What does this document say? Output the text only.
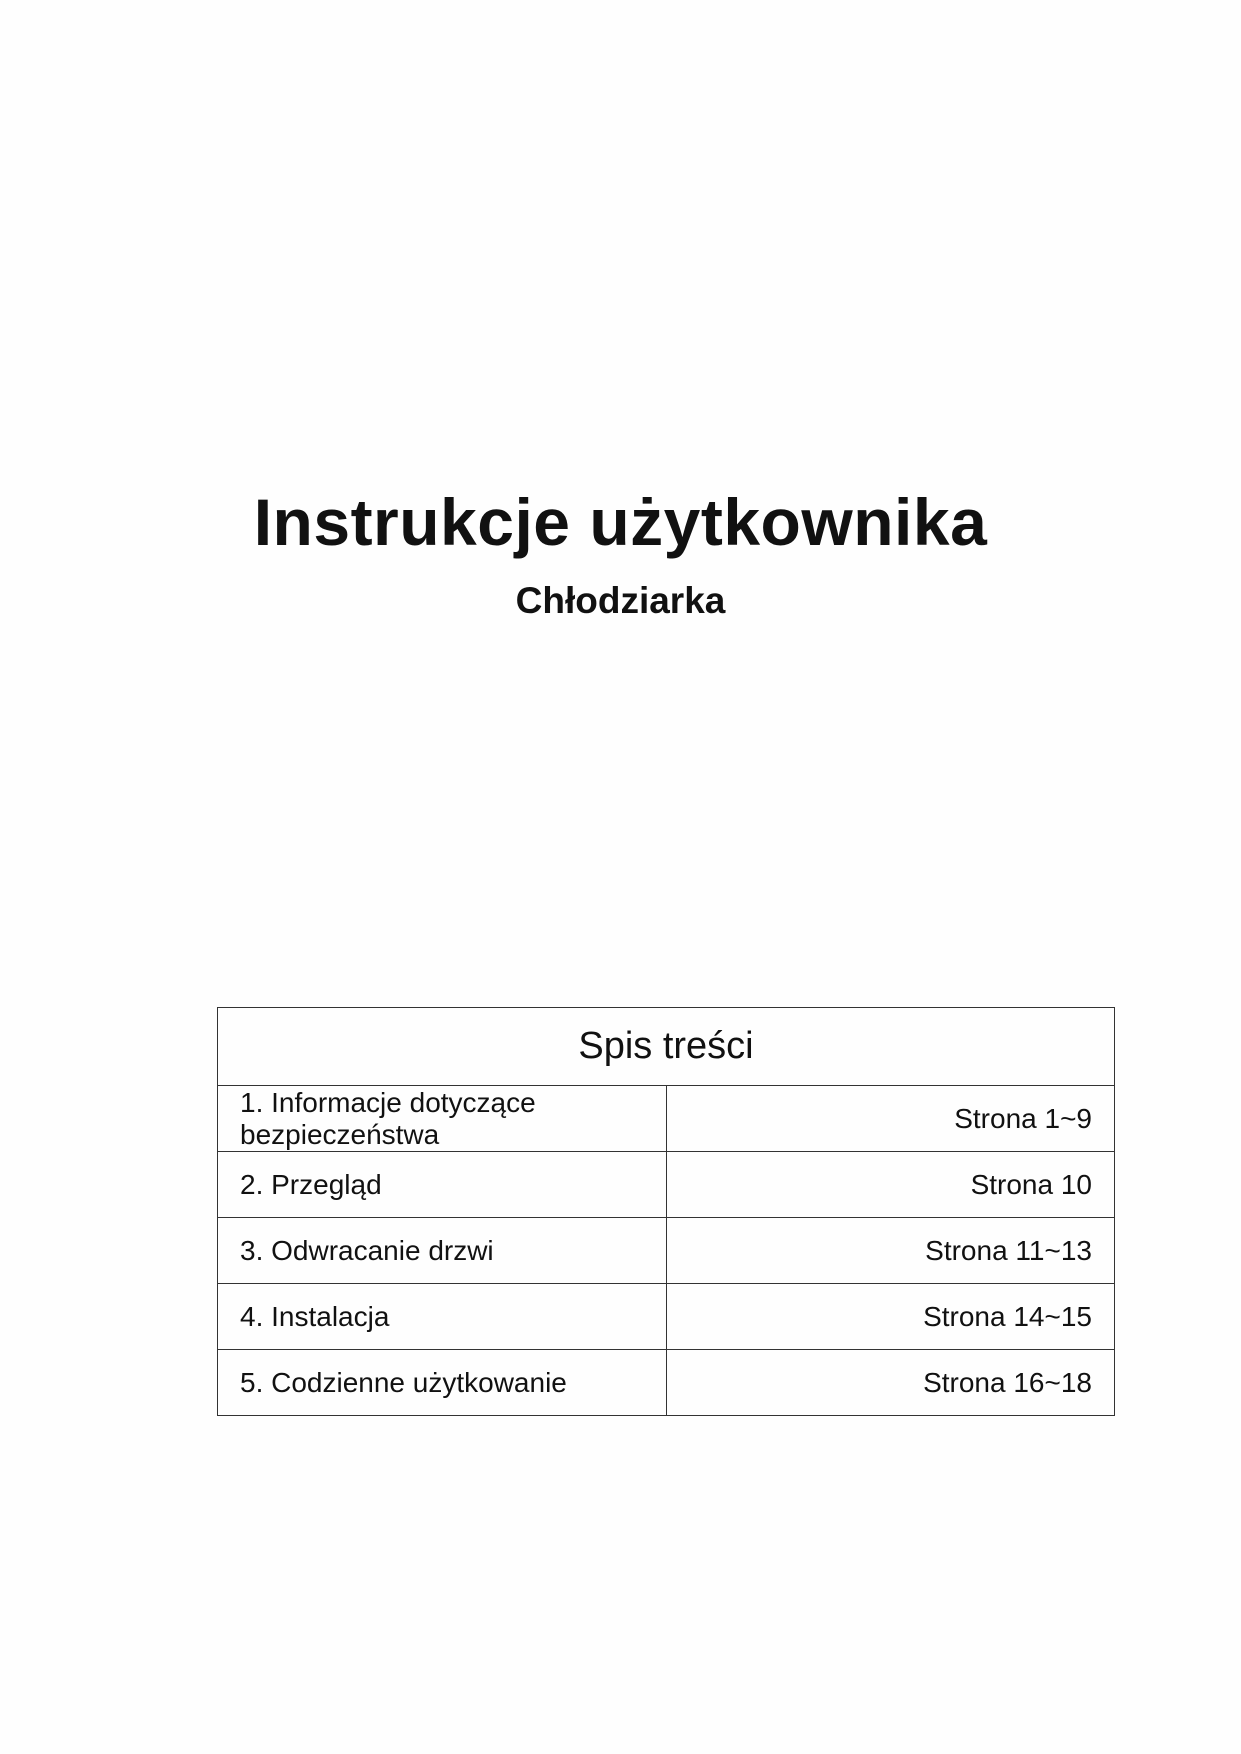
Instrukcje użytkownika
Chłodziarka
Spis treści	
1. Informacje dotyczące bezpieczeństwa	Strona 1~9
2. Przegląd	Strona 10
3. Odwracanie drzwi	Strona 11~13
4. Instalacja	Strona 14~15
5. Codzienne użytkowanie	Strona 16~18
